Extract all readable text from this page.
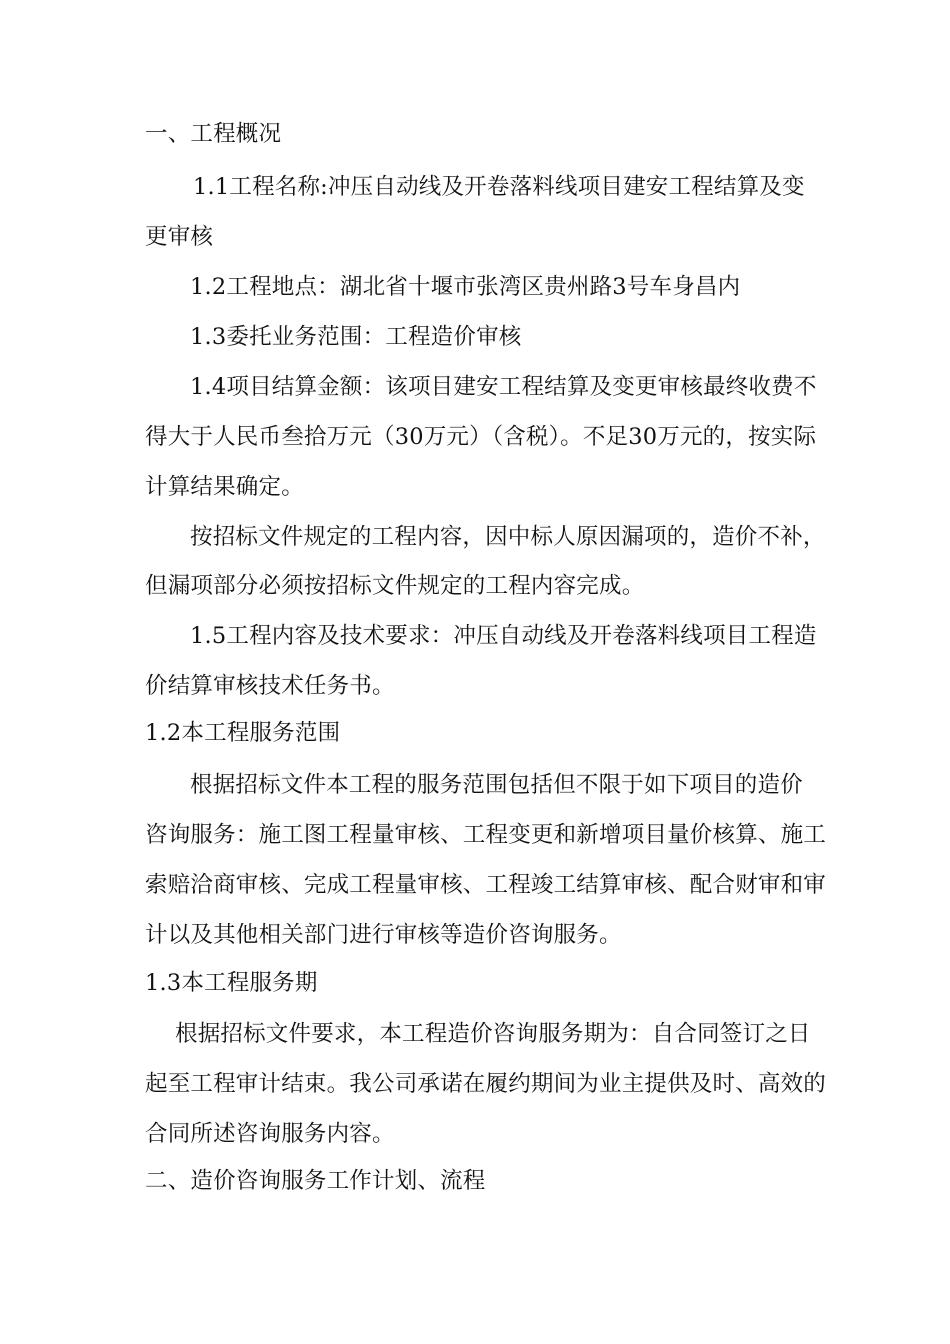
一、工程概况
1.1工程名称:冲压自动线及开卷落料线项目建安工程结算及变
更审核
1.2工程地点：湖北省十堰市张湾区贵州路3号车身昌内
1.3委托业务范围：工程造价审核
1.4项目结算金额：该项目建安工程结算及变更审核最终收费不
得大于人民币叁拾万元（30万元）（含税）。不足30万元的，按实际
计算结果确定。
按招标文件规定的工程内容，因中标人原因漏项的，造价不补，
但漏项部分必须按招标文件规定的工程内容完成。
1.5工程内容及技术要求：冲压自动线及开卷落料线项目工程造
价结算审核技术任务书。
1.2本工程服务范围
根据招标文件本工程的服务范围包括但不限于如下项目的造价
咨询服务：施工图工程量审核、工程变更和新增项目量价核算、施工
索赔洽商审核、完成工程量审核、工程竣工结算审核、配合财审和审
计以及其他相关部门进行审核等造价咨询服务。
1.3本工程服务期
根据招标文件要求，本工程造价咨询服务期为：自合同签订之日
起至工程审计结束。我公司承诺在履约期间为业主提供及时、高效的
合同所述咨询服务内容。
二、造价咨询服务工作计划、流程
